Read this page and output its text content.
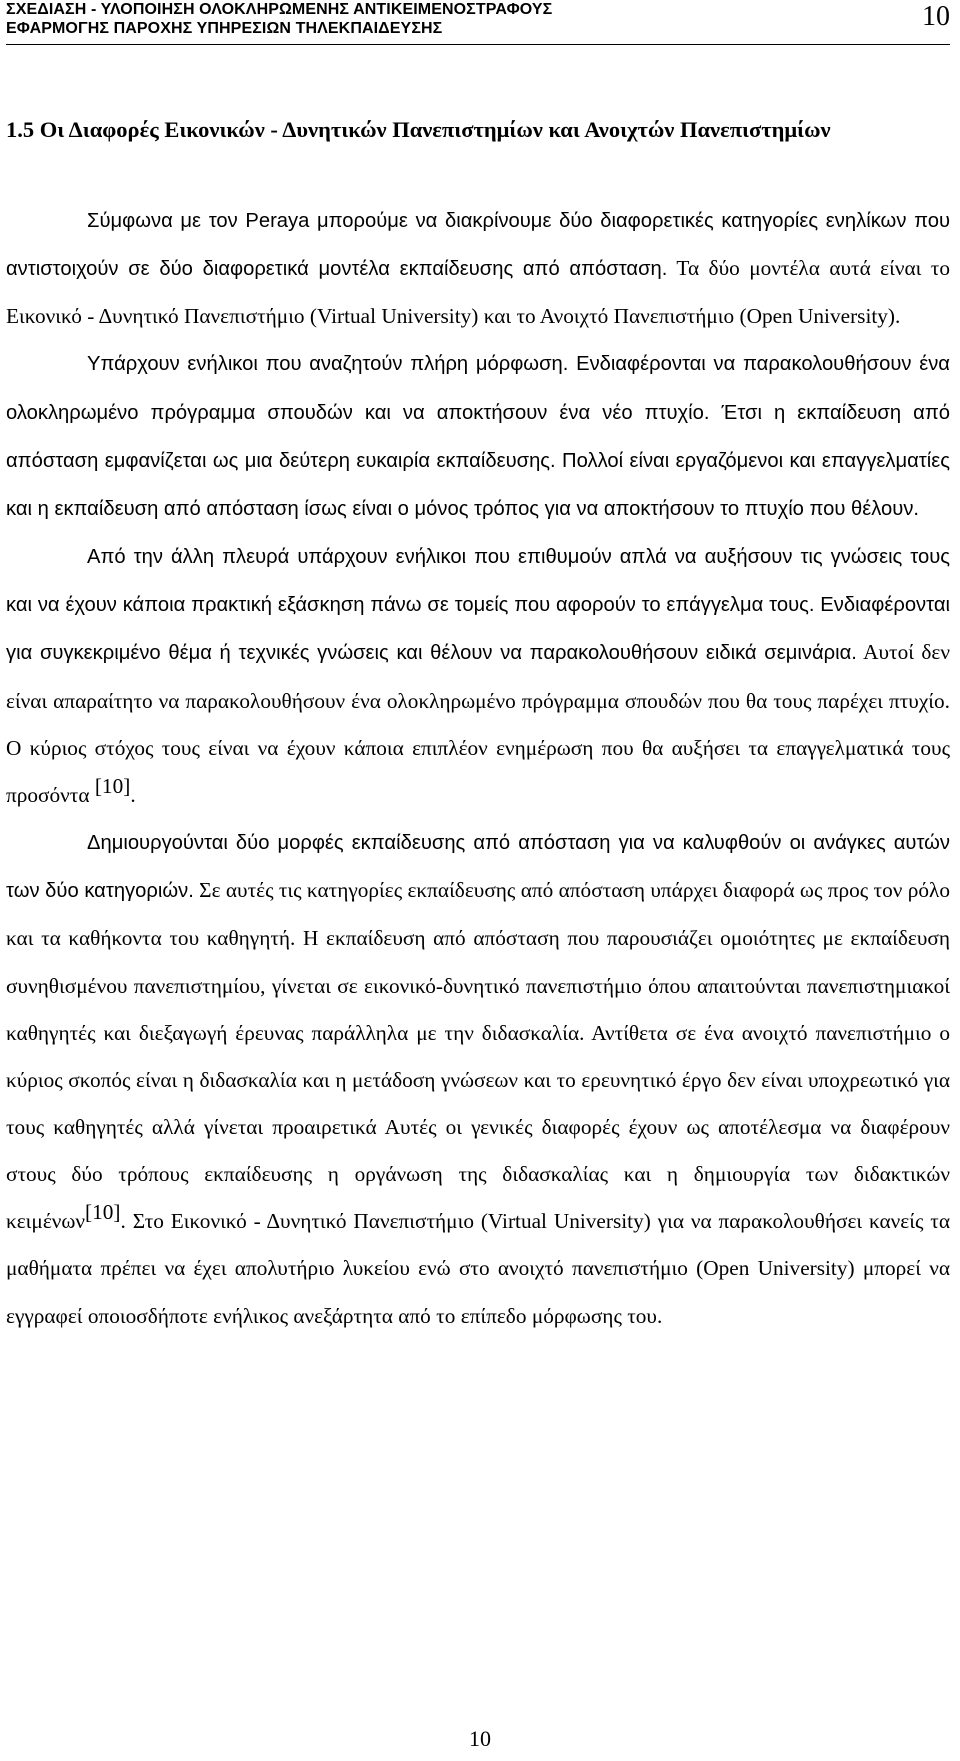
ΣΧΕΔΙΑΣΗ - ΥΛΟΠΟΙΗΣΗ ΟΛΟΚΛΗΡΩΜΕΝΗΣ ΑΝΤΙΚΕΙΜΕΝΟΣΤΡΑΦΟΥΣ
ΕΦΑΡΜΟΓΗΣ ΠΑΡΟΧΗΣ ΥΠΗΡΕΣΙΩΝ ΤΗΛΕΚΠΑΙΔΕΥΣΗΣ	10
1.5 Οι Διαφορές Εικονικών - Δυνητικών Πανεπιστημίων και Ανοιχτών Πανεπιστημίων

Σύμφωνα με τον Peraya μπορούμε να διακρίνουμε δύο διαφορετικές κατηγορίες ενηλίκων που αντιστοιχούν σε δύο διαφορετικά μοντέλα εκπαίδευσης από απόσταση. Τα δύο μοντέλα αυτά είναι το Εικονικό - Δυνητικό Πανεπιστήμιο (Virtual University) και το Ανοιχτό Πανεπιστήμιο (Open University).

Υπάρχουν ενήλικοι που αναζητούν πλήρη μόρφωση. Ενδιαφέρονται να παρακολουθήσουν ένα ολοκληρωμένο πρόγραμμα σπουδών και να αποκτήσουν ένα νέο πτυχίο. Έτσι η εκπαίδευση από απόσταση εμφανίζεται ως μια δεύτερη ευκαιρία εκπαίδευσης. Πολλοί είναι εργαζόμενοι και επαγγελματίες και η εκπαίδευση από απόσταση ίσως είναι ο μόνος τρόπος για να αποκτήσουν το πτυχίο που θέλουν.

Από την άλλη πλευρά υπάρχουν ενήλικοι που επιθυμούν απλά να αυξήσουν τις γνώσεις τους και να έχουν κάποια πρακτική εξάσκηση πάνω σε τομείς που αφορούν το επάγγελμα τους. Ενδιαφέρονται για συγκεκριμένο θέμα ή τεχνικές γνώσεις και θέλουν να παρακολουθήσουν ειδικά σεμινάρια. Αυτοί δεν είναι απαραίτητο να παρακολουθήσουν ένα ολοκληρωμένο πρόγραμμα σπουδών που θα τους παρέχει πτυχίο. Ο κύριος στόχος τους είναι να έχουν κάποια επιπλέον ενημέρωση που θα αυξήσει τα επαγγελματικά τους προσόντα [10].

Δημιουργούνται δύο μορφές εκπαίδευσης από απόσταση για να καλυφθούν οι ανάγκες αυτών των δύο κατηγοριών. Σε αυτές τις κατηγορίες εκπαίδευσης από απόσταση υπάρχει διαφορά ως προς τον ρόλο και τα καθήκοντα του καθηγητή. Η εκπαίδευση από απόσταση που παρουσιάζει ομοιότητες με εκπαίδευση συνηθισμένου πανεπιστημίου, γίνεται σε εικονικό-δυνητικό πανεπιστήμιο όπου απαιτούνται πανεπιστημιακοί καθηγητές και διεξαγωγή έρευνας παράλληλα με την διδασκαλία. Αντίθετα σε ένα ανοιχτό πανεπιστήμιο ο κύριος σκοπός είναι η διδασκαλία και η μετάδοση γνώσεων και το ερευνητικό έργο δεν είναι υποχρεωτικό για τους καθηγητές αλλά γίνεται προαιρετικά Αυτές οι γενικές διαφορές έχουν ως αποτέλεσμα να διαφέρουν στους δύο τρόπους εκπαίδευσης η οργάνωση της διδασκαλίας και η δημιουργία των διδακτικών κειμένων[10]. Στο Εικονικό - Δυνητικό Πανεπιστήμιο (Virtual University) για να παρακολουθήσει κανείς τα μαθήματα πρέπει να έχει απολυτήριο λυκείου ενώ στο ανοιχτό πανεπιστήμιο (Open University) μπορεί να εγγραφεί οποιοσδήποτε ενήλικος ανεξάρτητα από το επίπεδο μόρφωσης του.

10
